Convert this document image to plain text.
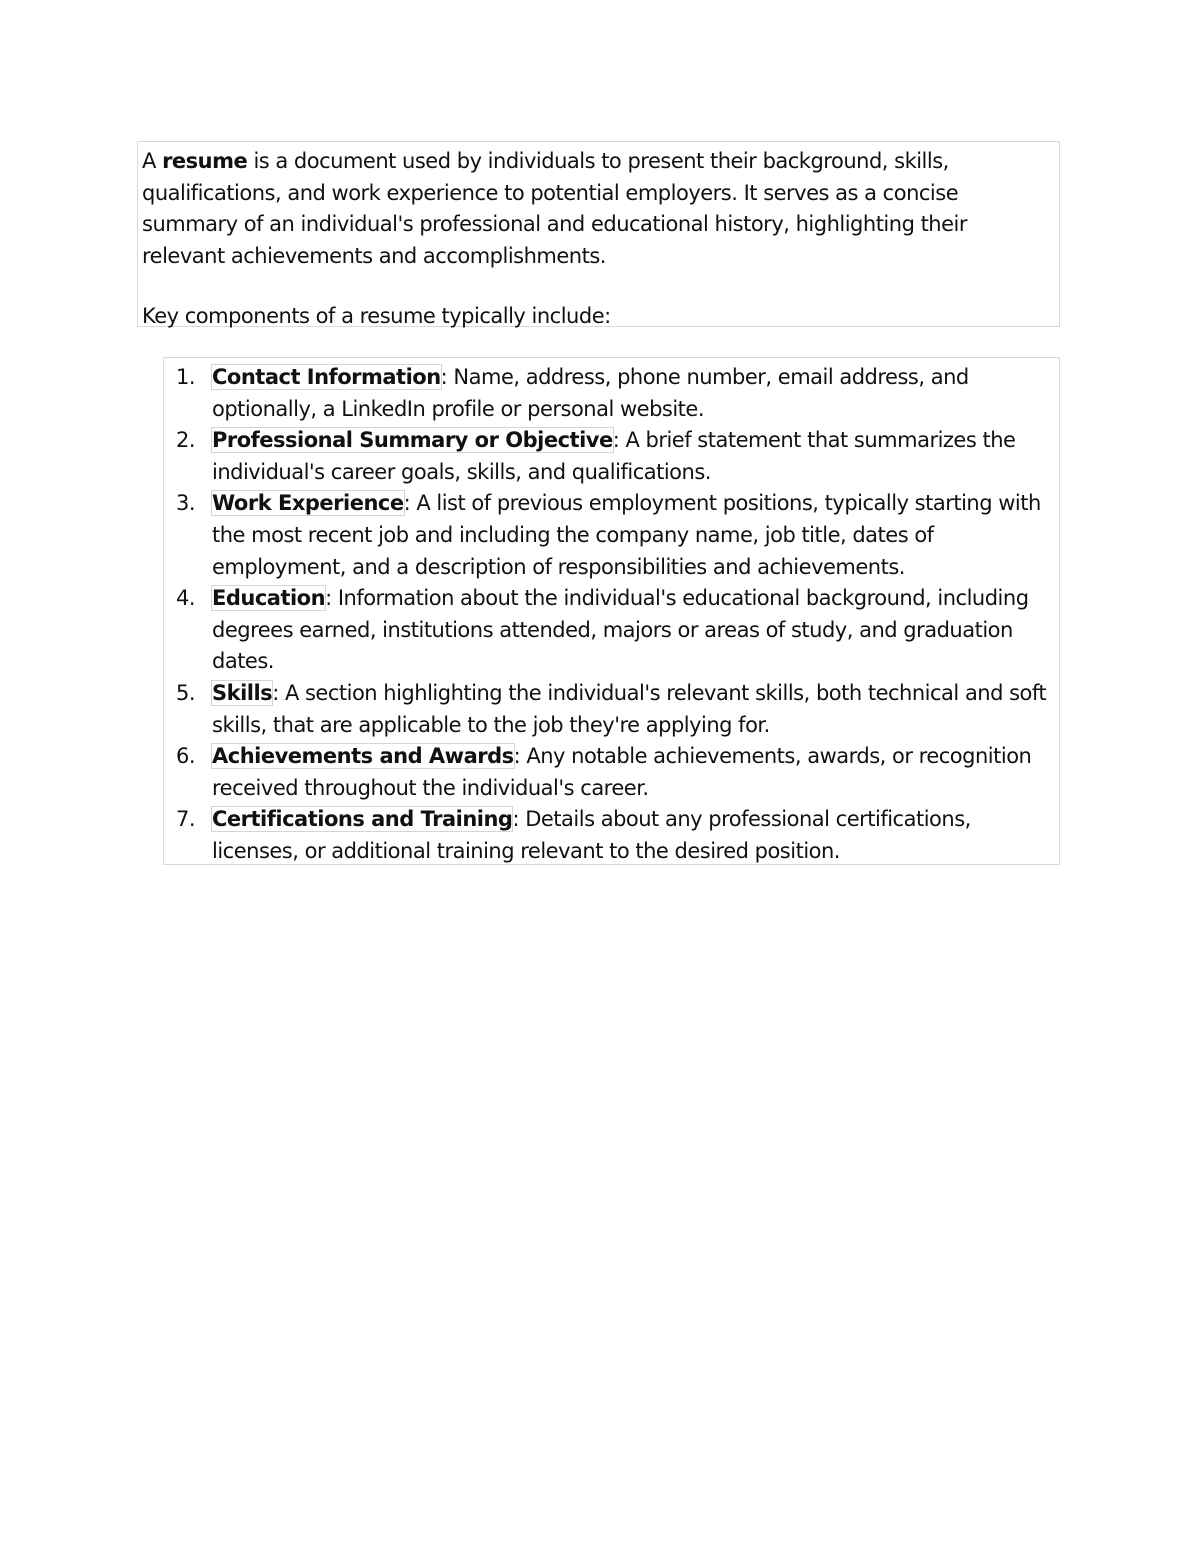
A resume is a document used by individuals to present their background, skills, qualifications, and work experience to potential employers. It serves as a concise summary of an individual's professional and educational history, highlighting their relevant achievements and accomplishments.

Key components of a resume typically include:

1. Contact Information: Name, address, phone number, email address, and optionally, a LinkedIn profile or personal website.
2. Professional Summary or Objective: A brief statement that summarizes the individual's career goals, skills, and qualifications.
3. Work Experience: A list of previous employment positions, typically starting with the most recent job and including the company name, job title, dates of employment, and a description of responsibilities and achievements.
4. Education: Information about the individual's educational background, including degrees earned, institutions attended, majors or areas of study, and graduation dates.
5. Skills: A section highlighting the individual's relevant skills, both technical and soft skills, that are applicable to the job they're applying for.
6. Achievements and Awards: Any notable achievements, awards, or recognition received throughout the individual's career.
7. Certifications and Training: Details about any professional certifications, licenses, or additional training relevant to the desired position.
